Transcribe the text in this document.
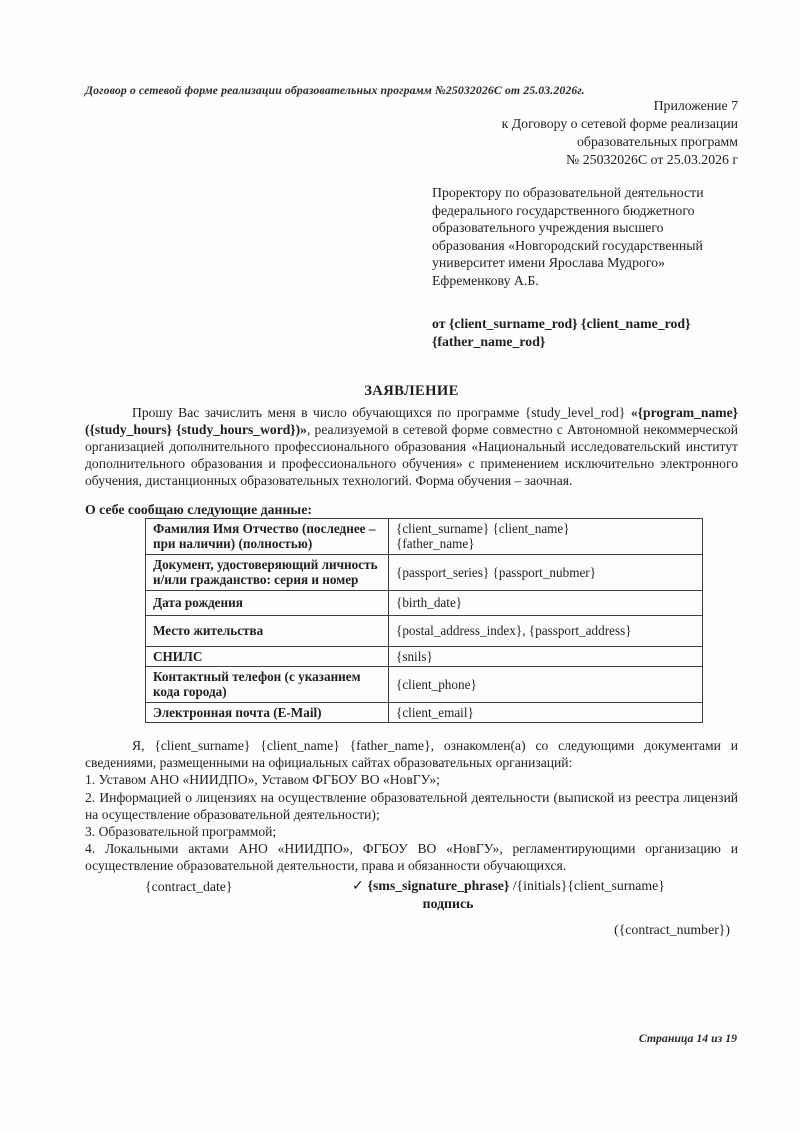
Договор о сетевой форме реализации образовательных программ №25032026С от 25.03.2026г.
Приложение 7
к Договору о сетевой форме реализации
образовательных программ
№ 25032026С от 25.03.2026 г
Проректору по образовательной деятельности
федерального государственного бюджетного
образовательного учреждения высшего
образования «Новгородский государственный
университет имени Ярослава Мудрого»
Ефременкову А.Б.
от {client_surname_rod} {client_name_rod}
{father_name_rod}
ЗАЯВЛЕНИЕ
Прошу Вас зачислить меня в число обучающихся по программе {study_level_rod} «{program_name} ({study_hours} {study_hours_word})», реализуемой в сетевой форме совместно с Автономной некоммерческой организацией дополнительного профессионального образования «Национальный исследовательский институт дополнительного образования и профессионального обучения» с применением исключительно электронного обучения, дистанционных образовательных технологий. Форма обучения – заочная.
О себе сообщаю следующие данные:
Фамилия Имя Отчество (последнее – при наличии) (полностью)	{client_surname} {client_name}
{father_name}

Документ, удостоверяющий личность и/или гражданство: серия и номер	{passport_series} {passport_nubmer}
Дата рождения	{birth_date}
Место жительства	{postal_address_index}, {passport_address}
СНИЛС	{snils}
Контактный телефон (с указанием кода города)	{client_phone}
Электронная почта (E-Mail)	{client_email}
Я, {client_surname} {client_name} {father_name}, ознакомлен(а) со следующими документами и сведениями, размещенными на официальных сайтах образовательных организаций:
1. Уставом АНО «НИИДПО», Уставом ФГБОУ ВО «НовГУ»;
2. Информацией о лицензиях на осуществление образовательной деятельности (выпиской из реестра лицензий на осуществление образовательной деятельности);
3. Образовательной программой;
4. Локальными актами АНО «НИИДПО», ФГБОУ ВО «НовГУ», регламентирующими организацию и осуществление образовательной деятельности, права и обязанности обучающихся.
{contract_date}	✓ {sms_signature_phrase} /{initials}{client_surname}
подпись
({contract_number})
Страница 14 из 19
